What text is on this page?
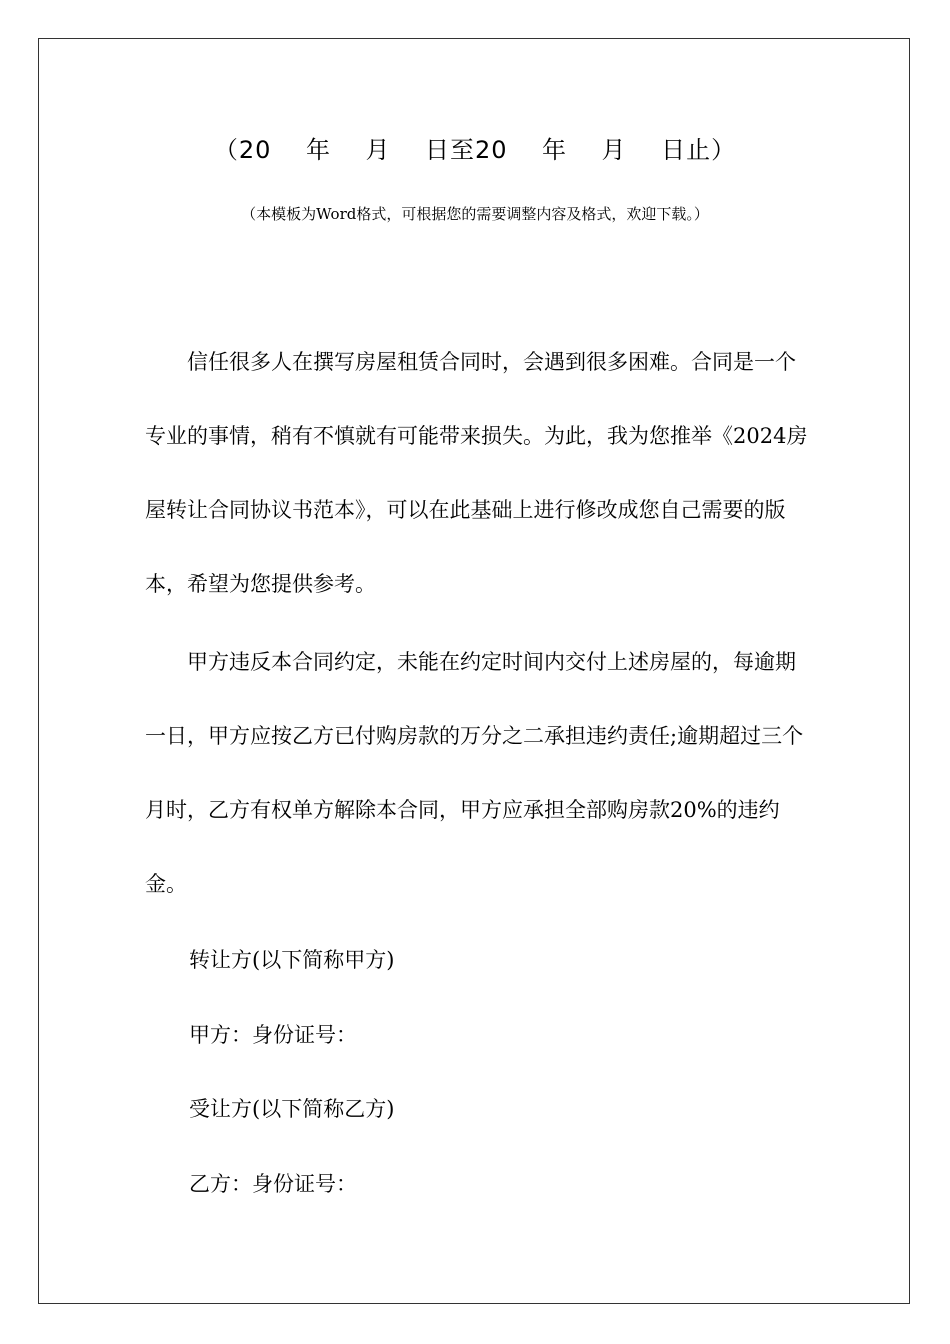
（20    年    月    日至20    年    月    日止）
（本模板为Word格式，可根据您的需要调整内容及格式，欢迎下载。）

信任很多人在撰写房屋租赁合同时，会遇到很多困难。合同是一个专业的事情，稍有不慎就有可能带来损失。为此，我为您推举《2024房屋转让合同协议书范本》，可以在此基础上进行修改成您自己需要的版本，希望为您提供参考。

甲方违反本合同约定，未能在约定时间内交付上述房屋的，每逾期一日，甲方应按乙方已付购房款的万分之二承担违约责任;逾期超过三个月时，乙方有权单方解除本合同，甲方应承担全部购房款20%的违约金。

转让方(以下简称甲方)
甲方：身份证号：
受让方(以下简称乙方)
乙方：身份证号：
